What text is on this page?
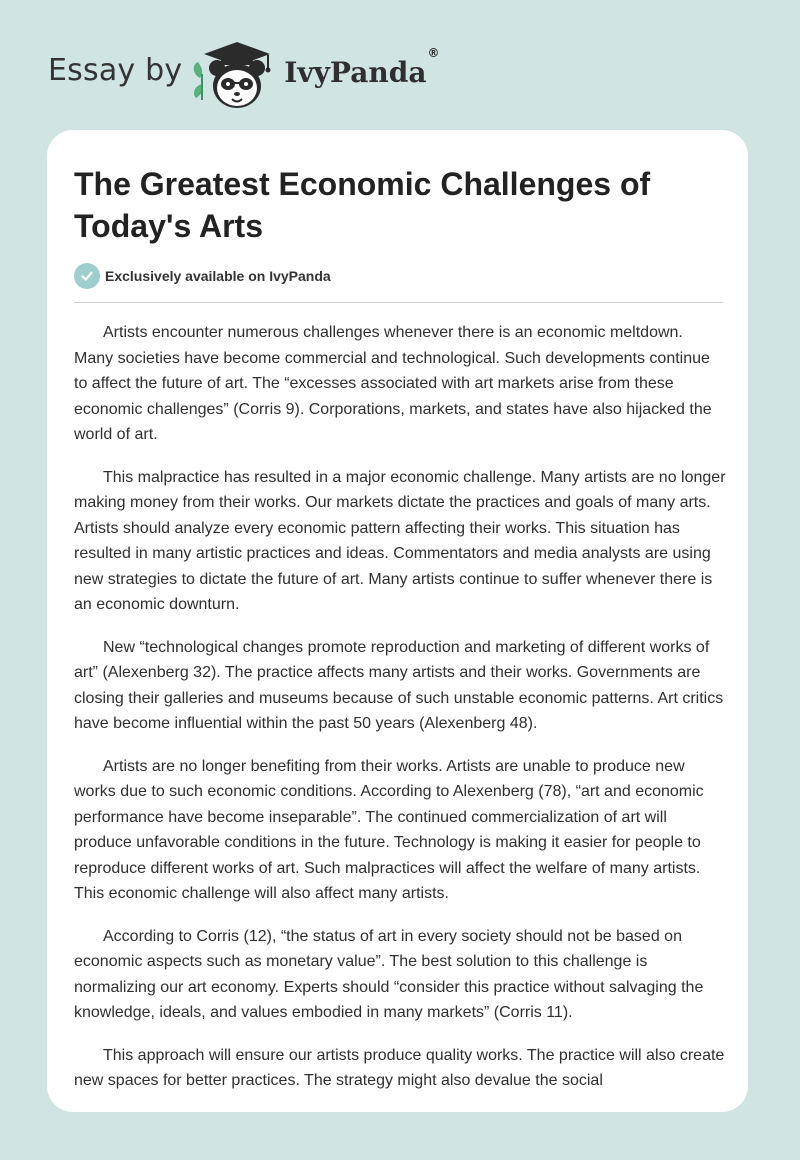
Essay by	IvyPanda®
The Greatest Economic Challenges of Today's Arts
Exclusively available on IvyPanda

Artists encounter numerous challenges whenever there is an economic meltdown. Many societies have become commercial and technological. Such developments continue to affect the future of art. The “excesses associated with art markets arise from these economic challenges” (Corris 9). Corporations, markets, and states have also hijacked the world of art.

This malpractice has resulted in a major economic challenge. Many artists are no longer making money from their works. Our markets dictate the practices and goals of many arts. Artists should analyze every economic pattern affecting their works. This situation has resulted in many artistic practices and ideas. Commentators and media analysts are using new strategies to dictate the future of art. Many artists continue to suffer whenever there is an economic downturn.

New “technological changes promote reproduction and marketing of different works of art” (Alexenberg 32). The practice affects many artists and their works. Governments are closing their galleries and museums because of such unstable economic patterns. Art critics have become influential within the past 50 years (Alexenberg 48).

Artists are no longer benefiting from their works. Artists are unable to produce new works due to such economic conditions. According to Alexenberg (78), “art and economic performance have become inseparable”. The continued commercialization of art will produce unfavorable conditions in the future. Technology is making it easier for people to reproduce different works of art. Such malpractices will affect the welfare of many artists. This economic challenge will also affect many artists.

According to Corris (12), “the status of art in every society should not be based on economic aspects such as monetary value”. The best solution to this challenge is normalizing our art economy. Experts should “consider this practice without salvaging the knowledge, ideals, and values embodied in many markets” (Corris 11).

This approach will ensure our artists produce quality works. The practice will also create new spaces for better practices. The strategy might also devalue the social
